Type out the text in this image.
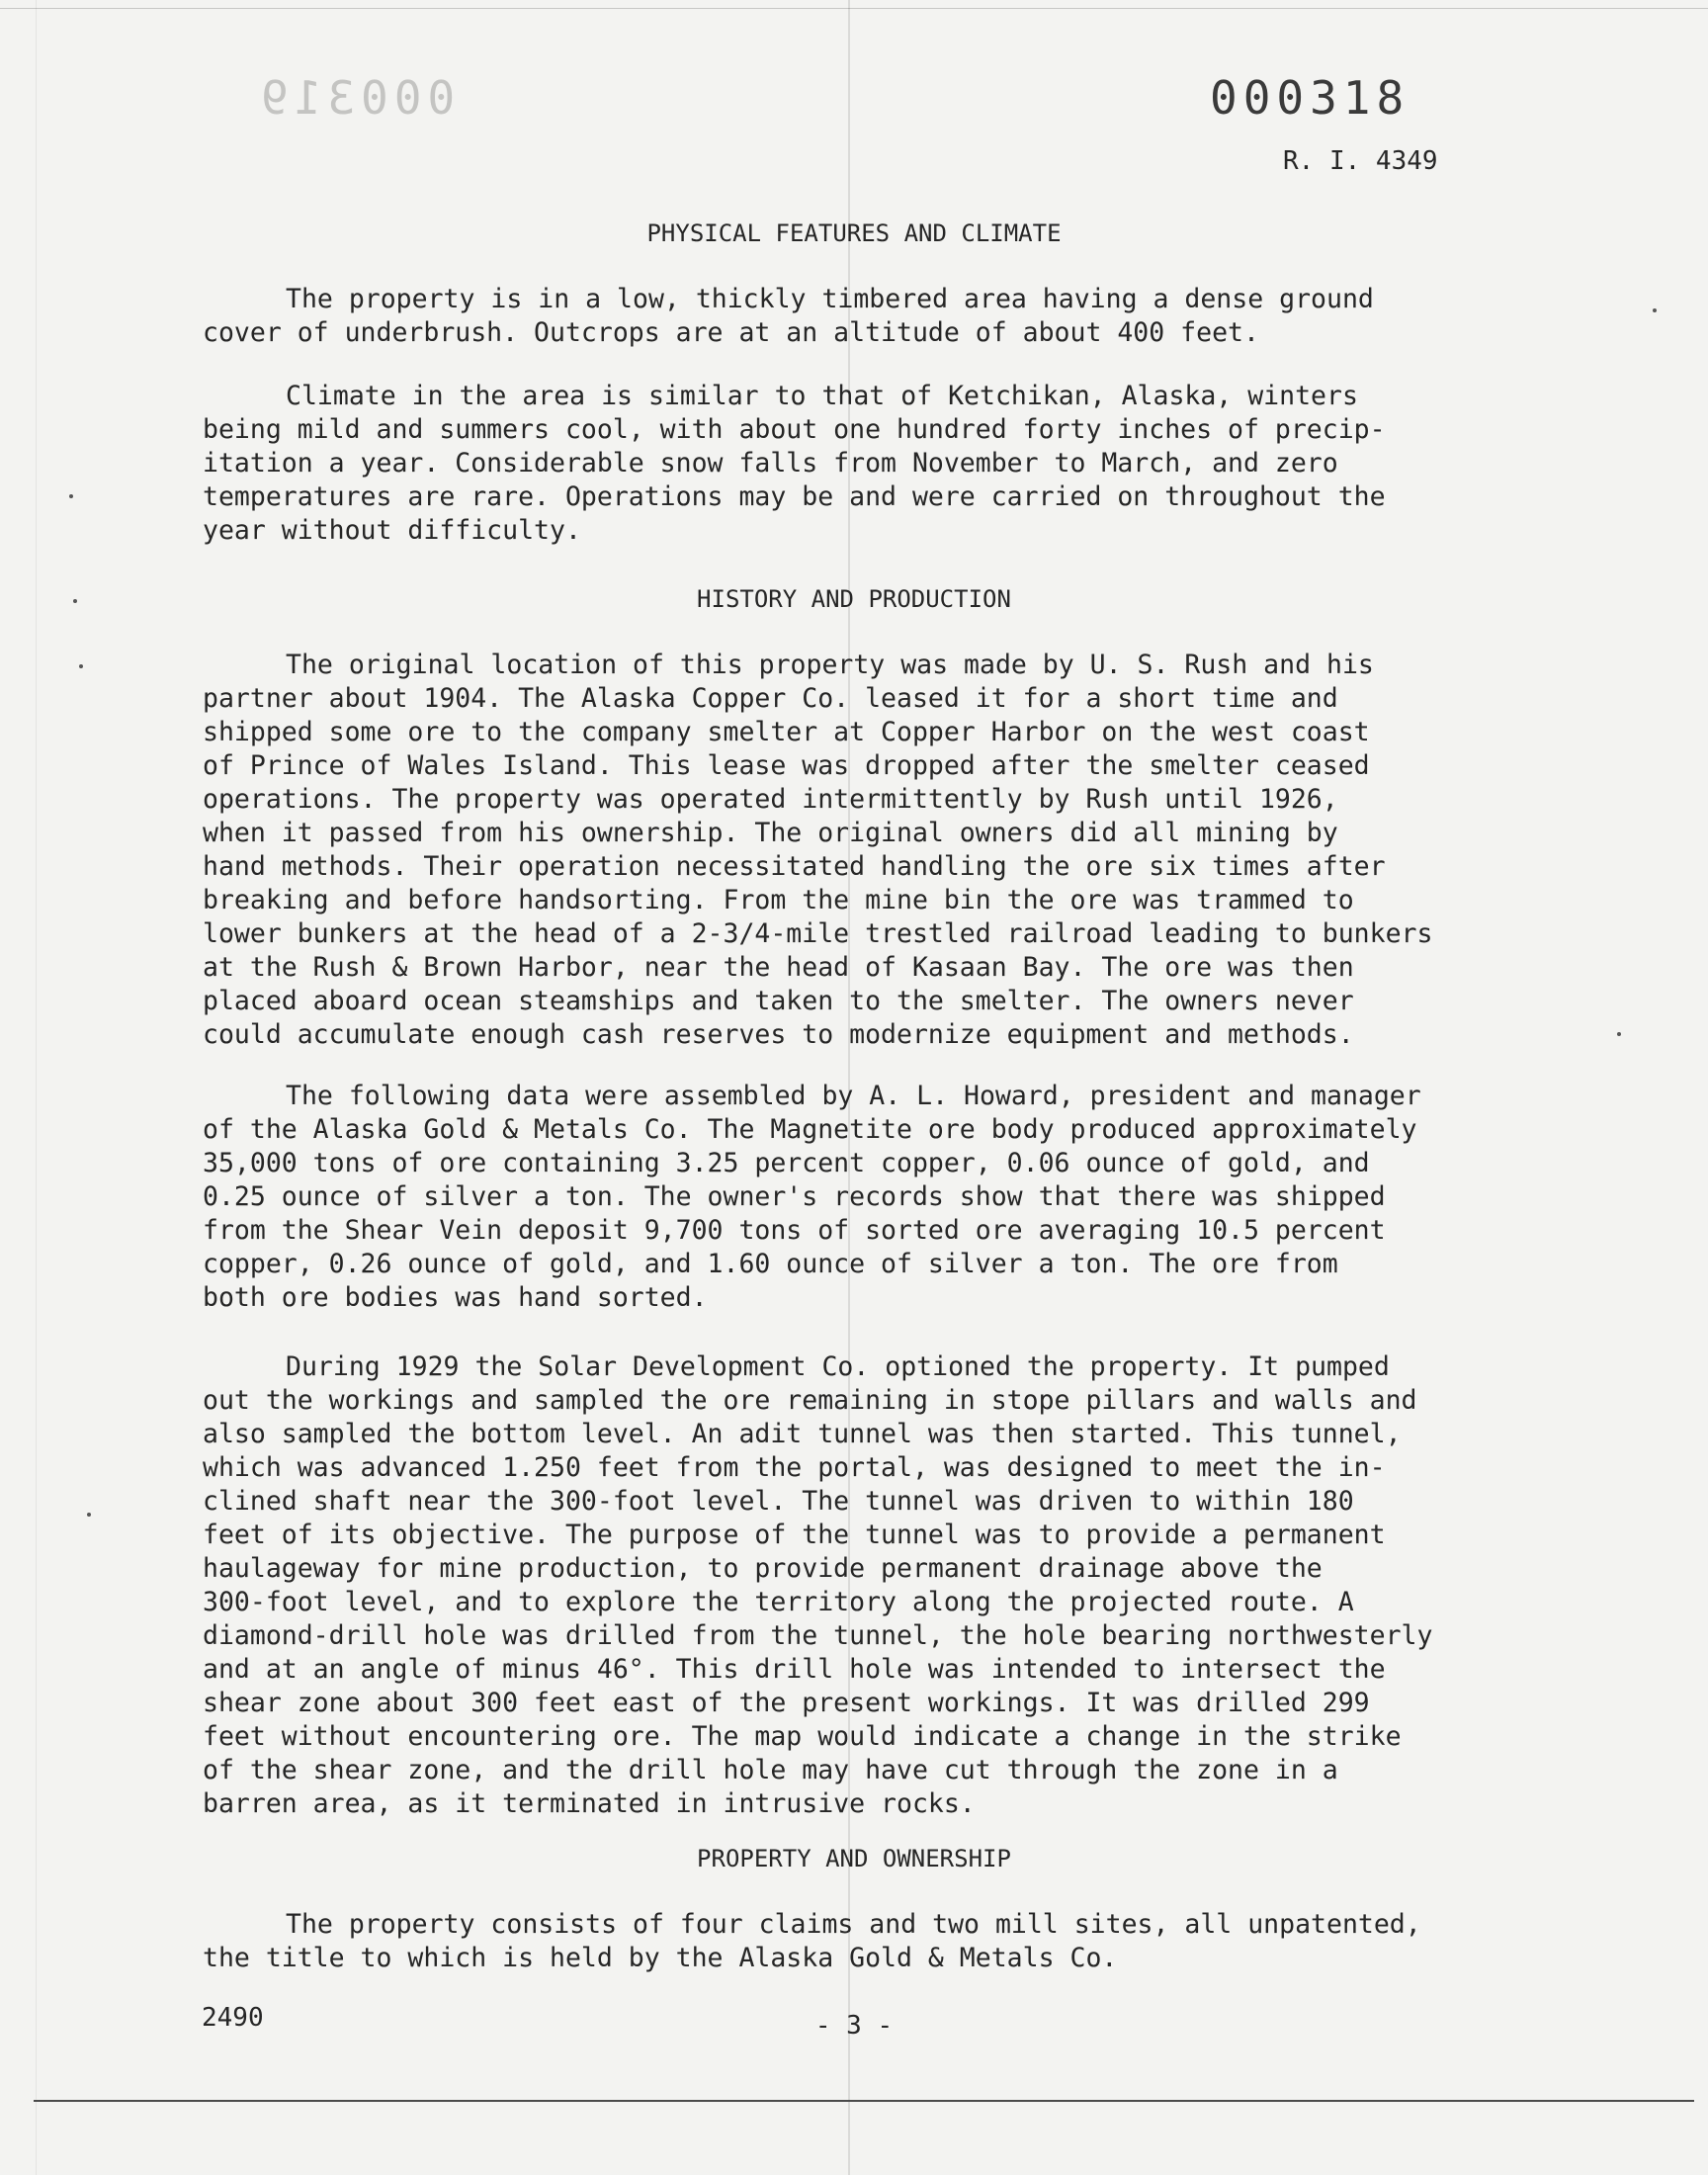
000319	000318
R. I. 4349
PHYSICAL FEATURES AND CLIMATE
The property is in a low, thickly timbered area having a dense ground
cover of underbrush. Outcrops are at an altitude of about 400 feet.
Climate in the area is similar to that of Ketchikan, Alaska, winters
being mild and summers cool, with about one hundred forty inches of precip-
itation a year. Considerable snow falls from November to March, and zero
temperatures are rare. Operations may be and were carried on throughout the
year without difficulty.
HISTORY AND PRODUCTION
The original location of this property was made by U. S. Rush and his
partner about 1904. The Alaska Copper Co. leased it for a short time and
shipped some ore to the company smelter at Copper Harbor on the west coast
of Prince of Wales Island. This lease was dropped after the smelter ceased
operations. The property was operated intermittently by Rush until 1926,
when it passed from his ownership. The original owners did all mining by
hand methods. Their operation necessitated handling the ore six times after
breaking and before handsorting. From the mine bin the ore was trammed to
lower bunkers at the head of a 2-3/4-mile trestled railroad leading to bunkers
at the Rush & Brown Harbor, near the head of Kasaan Bay. The ore was then
placed aboard ocean steamships and taken to the smelter. The owners never
could accumulate enough cash reserves to modernize equipment and methods.
The following data were assembled by A. L. Howard, president and manager
of the Alaska Gold & Metals Co. The Magnetite ore body produced approximately
35,000 tons of ore containing 3.25 percent copper, 0.06 ounce of gold, and
0.25 ounce of silver a ton. The owner's records show that there was shipped
from the Shear Vein deposit 9,700 tons of sorted ore averaging 10.5 percent
copper, 0.26 ounce of gold, and 1.60 ounce of silver a ton. The ore from
both ore bodies was hand sorted.
During 1929 the Solar Development Co. optioned the property. It pumped
out the workings and sampled the ore remaining in stope pillars and walls and
also sampled the bottom level. An adit tunnel was then started. This tunnel,
which was advanced 1.250 feet from the portal, was designed to meet the in-
clined shaft near the 300-foot level. The tunnel was driven to within 180
feet of its objective. The purpose of the tunnel was to provide a permanent
haulageway for mine production, to provide permanent drainage above the
300-foot level, and to explore the territory along the projected route. A
diamond-drill hole was drilled from the tunnel, the hole bearing northwesterly
and at an angle of minus 46°. This drill hole was intended to intersect the
shear zone about 300 feet east of the present workings. It was drilled 299
feet without encountering ore. The map would indicate a change in the strike
of the shear zone, and the drill hole may have cut through the zone in a
barren area, as it terminated in intrusive rocks.
PROPERTY AND OWNERSHIP
The property consists of four claims and two mill sites, all unpatented,
the title to which is held by the Alaska Gold & Metals Co.
2490	- 3 -
